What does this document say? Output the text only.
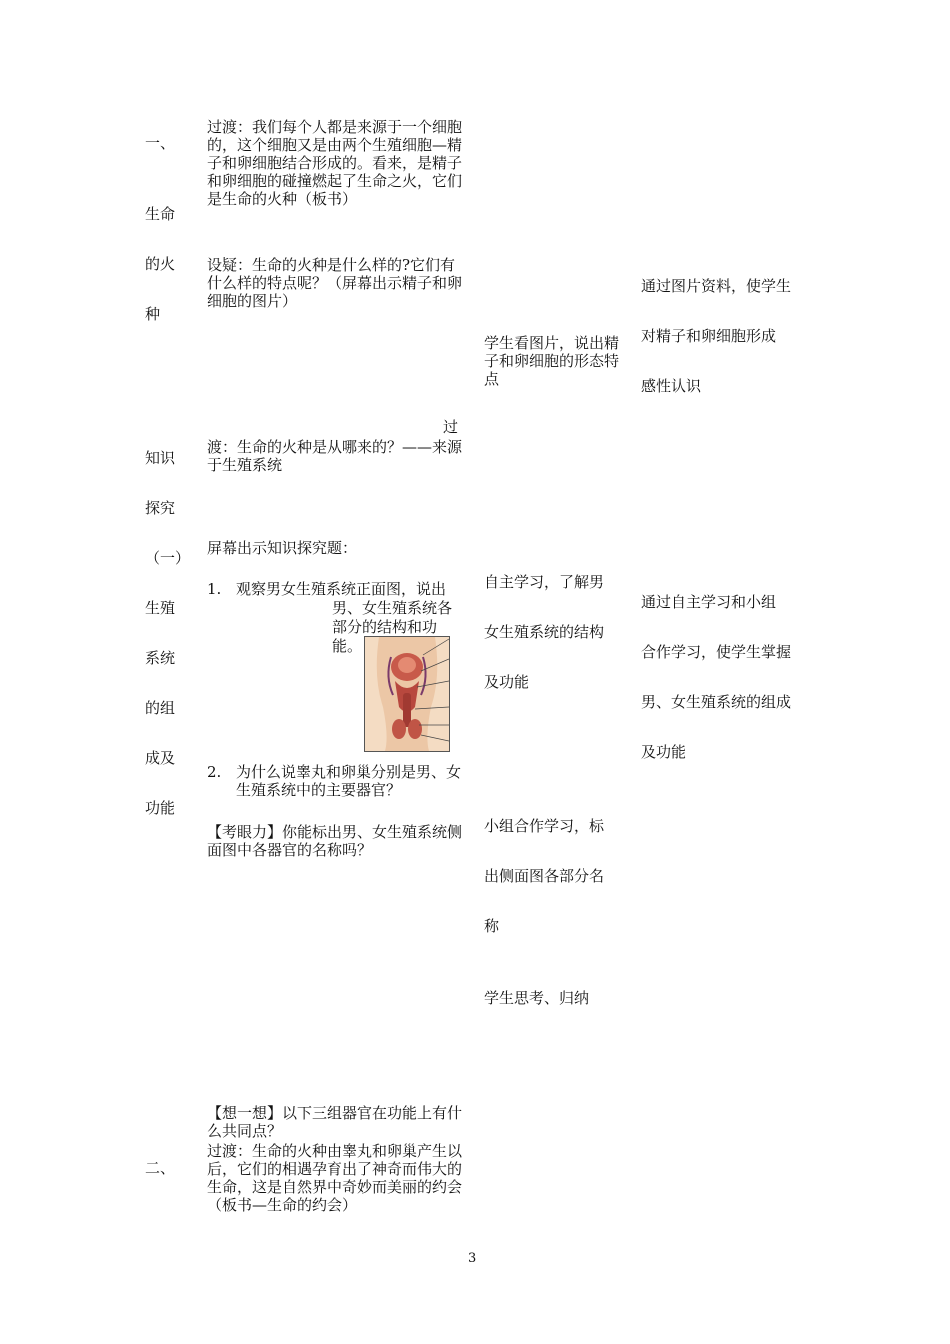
一、
生命
的火
种
知识
探究
（一）
生殖
系统
的组
成及
功能
二、
过渡：我们每个人都是来源于一个细胞的，这个细胞又是由两个生殖细胞—精子和卵细胞结合形成的。看来，是精子和卵细胞的碰撞燃起了生命之火，它们是生命的火种（板书）
设疑：生命的火种是什么样的?它们有什么样的特点呢？（屏幕出示精子和卵细胞的图片）
过
渡：生命的火种是从哪来的？——来源于生殖系统
屏幕出示知识探究题：
1. 观察男女生殖系统正面图，说出
男、女生殖系统各
部分的结构和功
能。
2. 为什么说睾丸和卵巢分别是男、女生殖系统中的主要器官？
【考眼力】你能标出男、女生殖系统侧面图中各器官的名称吗？
【想一想】以下三组器官在功能上有什么共同点？
过渡：生命的火种由睾丸和卵巢产生以后，它们的相遇孕育出了神奇而伟大的生命，这是自然界中奇妙而美丽的约会（板书—生命的约会）
学生看图片，说出精子和卵细胞的形态特点
自主学习，了解男
女生殖系统的结构
及功能
小组合作学习，标
出侧面图各部分名
称
学生思考、归纳
通过图片资料，使学生
对精子和卵细胞形成
感性认识
通过自主学习和小组
合作学习，使学生掌握
男、女生殖系统的组成
及功能
3
